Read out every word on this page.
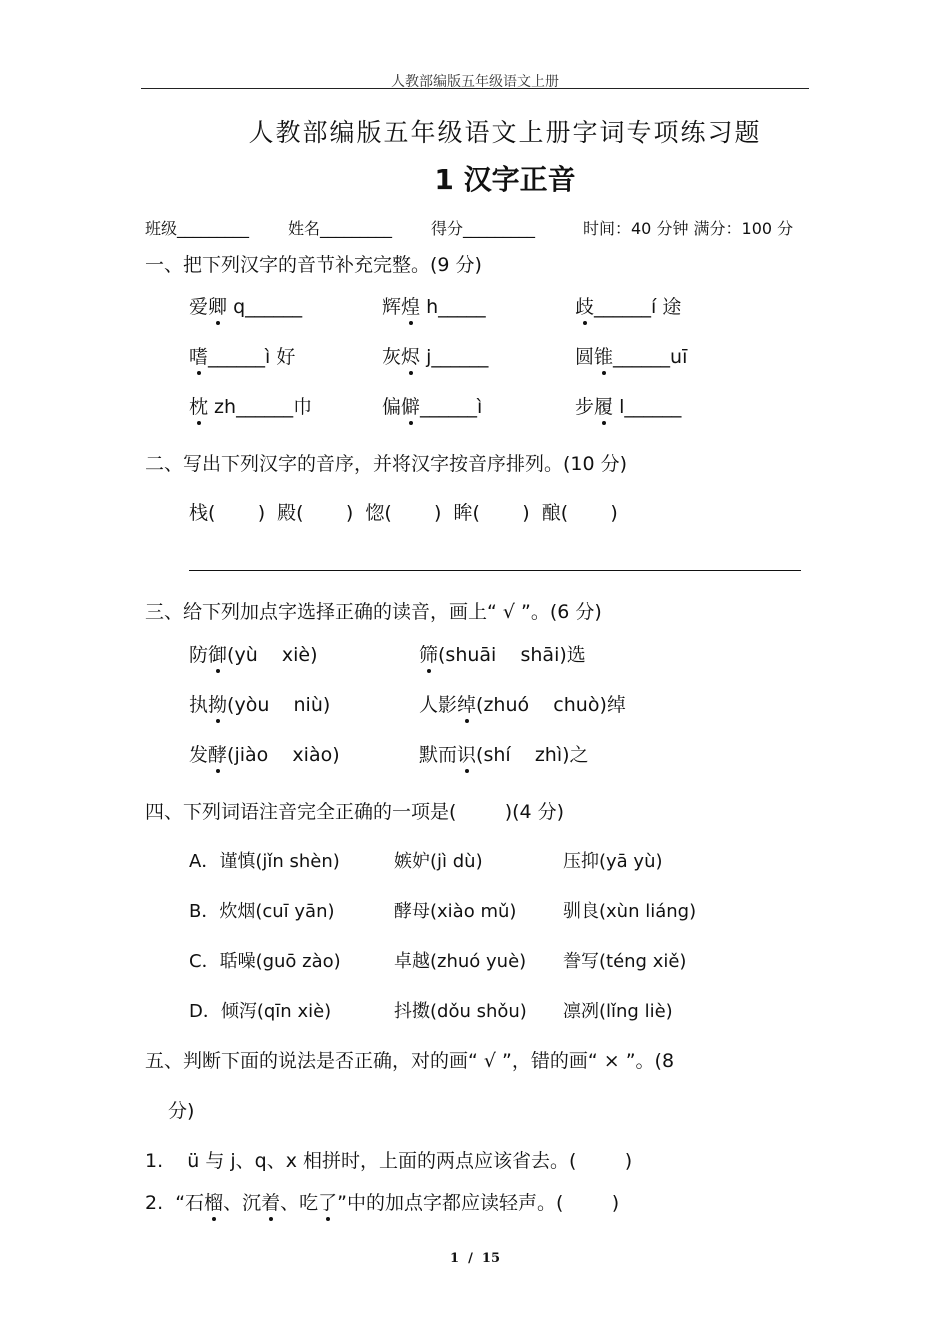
人教部编版五年级语文上册
人教部编版五年级语文上册字词专项练习题
1 汉字正音
班级_________ 姓名_________ 得分_________	时间：40 分钟 满分：100 分
一、把下列汉字的音节补充完整。(9 分)
爱卿 q______	辉煌 h_____	歧______í 途
嗜______ì 好	灰烬 j______	圆锥______uī
枕 zh______巾	偏僻______ì	步履 l______
二、写出下列汉字的音序，并将汉字按音序排列。(10 分)
栈(       )  殿(       )  惚(       )  眸(       )  酿(       )
三、给下列加点字选择正确的读音，画上“ √ ”。(6 分)
防御(yù    xiè)	筛(shuāi    shāi)选
执拗(yòu    niù)	人影绰(zhuó    chuò)绰
发酵(jiào    xiào)	默而识(shí    zhì)之
四、下列词语注音完全正确的一项是(        )(4 分)
A．谨慎(jǐn shèn)	嫉妒(jì dù)	压抑(yā yù)
B．炊烟(cuī yān)	酵母(xiào mǔ)	驯良(xùn liáng)
C．聒噪(guō zào)	卓越(zhuó yuè) 誊写(téng xiě)
D．倾泻(qīn xiè)	抖擞(dǒu shǒu) 凛冽(lǐng liè)
五、判断下面的说法是否正确，对的画“ √ ”，错的画“ × ”。(8
分)
1.    ü 与 j、q、x 相拼时，上面的两点应该省去。(        )
2.  “石榴、沉着、吃了”中的加点字都应读轻声。(        )
1  /  15
